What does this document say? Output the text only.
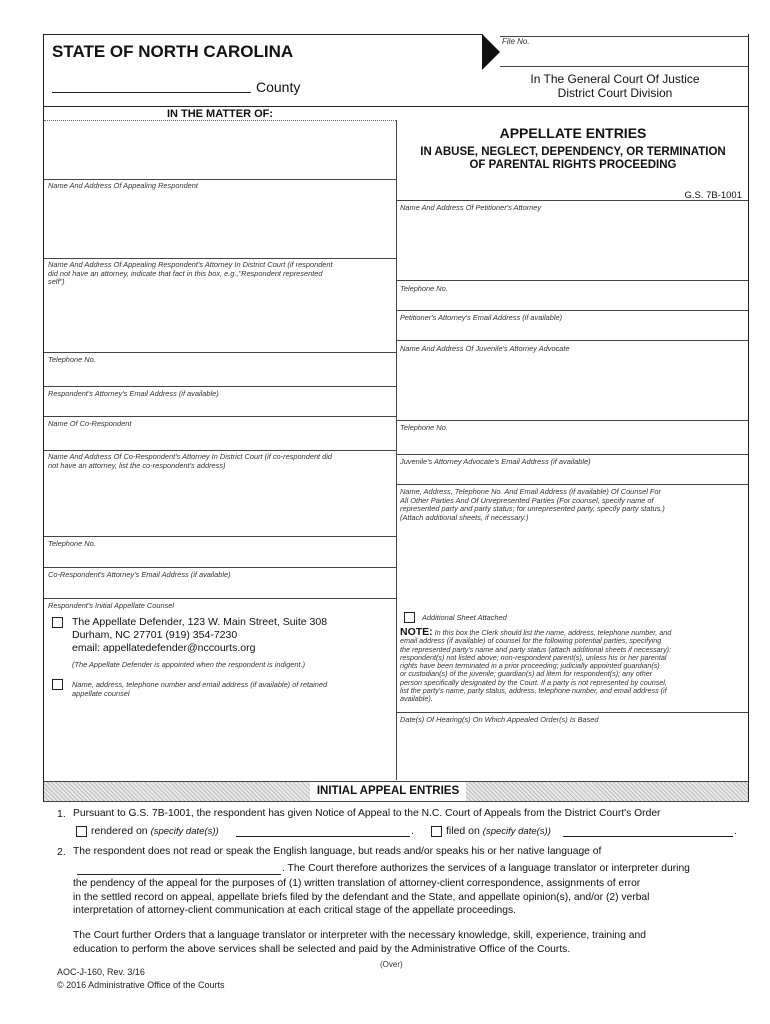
STATE OF NORTH CAROLINA
County
File No.
In The General Court Of Justice
District Court Division
IN THE MATTER OF:
APPELLATE ENTRIES
IN ABUSE, NEGLECT, DEPENDENCY, OR TERMINATION
OF PARENTAL RIGHTS PROCEEDING
G.S. 7B-1001
Name And Address Of Appealing Respondent
Name And Address Of Appealing Respondent's Attorney In District Court (if respondent
did not have an attorney, indicate that fact in this box, e.g.,"Respondent represented
self")
Telephone No.
Respondent's Attorney's Email Address (if available)
Name Of Co-Respondent
Name And Address Of Co-Respondent's Attorney In District Court (if co-respondent did
not have an attorney, list the co-respondent's address)
Telephone No.
Co-Respondent's Attorney's Email Address (if available)
Respondent's Initial Appellate Counsel
The Appellate Defender, 123 W. Main Street, Suite 308
Durham, NC 27701 (919) 354-7230
email: appellatedefender@nccourts.org
(The Appellate Defender is appointed when the respondent is indigent.)
Name, address, telephone number and email address (if available) of retained
appellate counsel
Name And Address Of Petitioner's Attorney
Telephone No.
Petitioner's Attorney's Email Address (if available)
Name And Address Of Juvenile's Attorney Advocate
Telephone No.
Juvenile's Attorney Advocate's Email Address (if available)
Name, Address, Telephone No. And Email Address (if available) Of Counsel For
All Other Parties And Of Unrepresented Parties (For counsel, specify name of
represented party and party status; for unrepresented party, specify party status.)
(Attach additional sheets, if necessary.)
Additional Sheet Attached
NOTE: In this box the Clerk should list the name, address, telephone number, and
email address (if available) of counsel for the following potential parties, specifying
the represented party's name and party status (attach additional sheets if necessary):
respondent(s) not listed above; non-respondent parent(s), unless his or her parental
rights have been terminated in a prior proceeding; judicially appointed guardian(s)
or custodian(s) of the juvenile; guardian(s) ad litem for respondent(s); any other
person specifically designated by the Court. If a party is not represented by counsel,
list the party's name, party status, address, telephone number, and email address (if
available).
Date(s) Of Hearing(s) On Which Appealed Order(s) Is Based
INITIAL APPEAL ENTRIES
1. Pursuant to G.S. 7B-1001, the respondent has given Notice of Appeal to the N.C. Court of Appeals from the District Court's Order
rendered on (specify date(s))	.	filed on (specify date(s))	.
2. The respondent does not read or speak the English language, but reads and/or speaks his or her native language of
. The Court therefore authorizes the services of a language translator or interpreter during
the pendency of the appeal for the purposes of (1) written translation of attorney-client correspondence, assignments of error
in the settled record on appeal, appellate briefs filed by the defendant and the State, and appellate opinion(s), and/or (2) verbal
interpretation of attorney-client communication at each critical stage of the appellate proceedings.
The Court further Orders that a language translator or interpreter with the necessary knowledge, skill, experience, training and
education to perform the above services shall be selected and paid by the Administrative Office of the Courts.
(Over)
AOC-J-160, Rev. 3/16
© 2016 Administrative Office of the Courts
